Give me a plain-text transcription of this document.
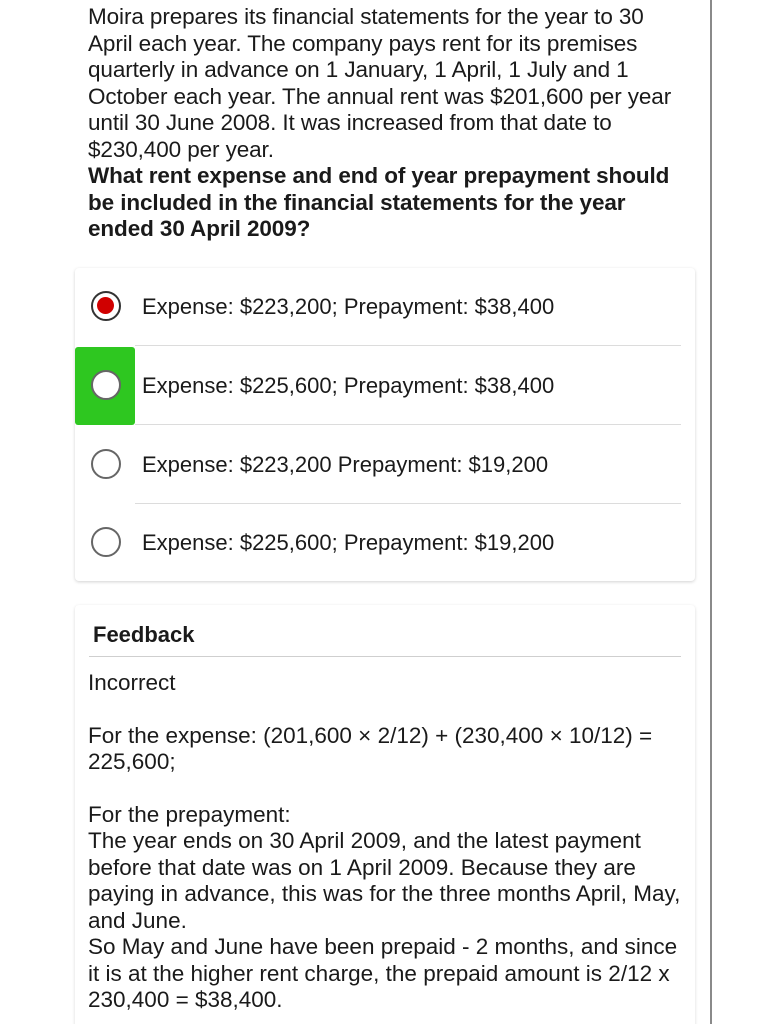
Moira prepares its financial statements for the year to 30 April each year. The company pays rent for its premises quarterly in advance on 1 January, 1 April, 1 July and 1 October each year. The annual rent was $201,600 per year until 30 June 2008. It was increased from that date to $230,400 per year.

What rent expense and end of year prepayment should be included in the financial statements for the year ended 30 April 2009?

Expense: $223,200; Prepayment: $38,400
Expense: $225,600; Prepayment: $38,400
Expense: $223,200 Prepayment: $19,200
Expense: $225,600; Prepayment: $19,200
Feedback

Incorrect

For the expense: (201,600 × 2/12) + (230,400 × 10/12) = 225,600;

For the prepayment:

The year ends on 30 April 2009, and the latest payment before that date was on 1 April 2009. Because they are paying in advance, this was for the three months April, May, and June.

So May and June have been prepaid - 2 months, and since it is at the higher rent charge, the prepaid amount is 2/12 x 230,400 = $38,400.
